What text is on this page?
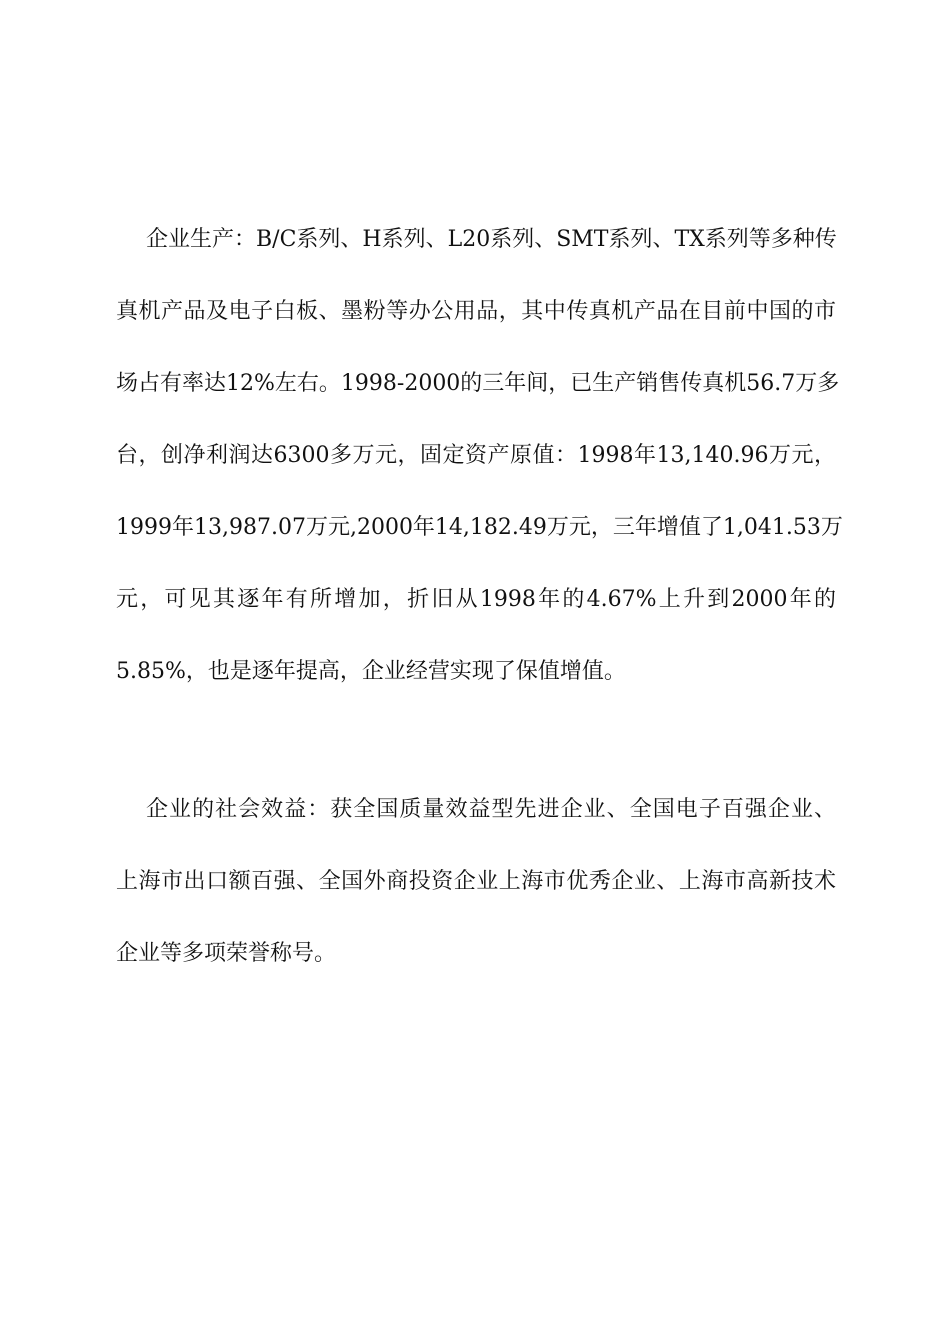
企业生产：B/C系列、H系列、L20系列、SMT系列、TX系列等多种传

真机产品及电子白板、墨粉等办公用品，其中传真机产品在目前中国的市

场占有率达12%左右。1998-2000的三年间，已生产销售传真机56.7万多

台，创净利润达6300多万元，固定资产原值：1998年13,140.96万元，

1999年13,987.07万元,2000年14,182.49万元，三年增值了1,041.53万

元，可见其逐年有所增加，折旧从1998年的4.67%上升到2000年的

5.85%，也是逐年提高，企业经营实现了保值增值。

企业的社会效益：获全国质量效益型先进企业、全国电子百强企业、

上海市出口额百强、全国外商投资企业上海市优秀企业、上海市高新技术

企业等多项荣誉称号。
